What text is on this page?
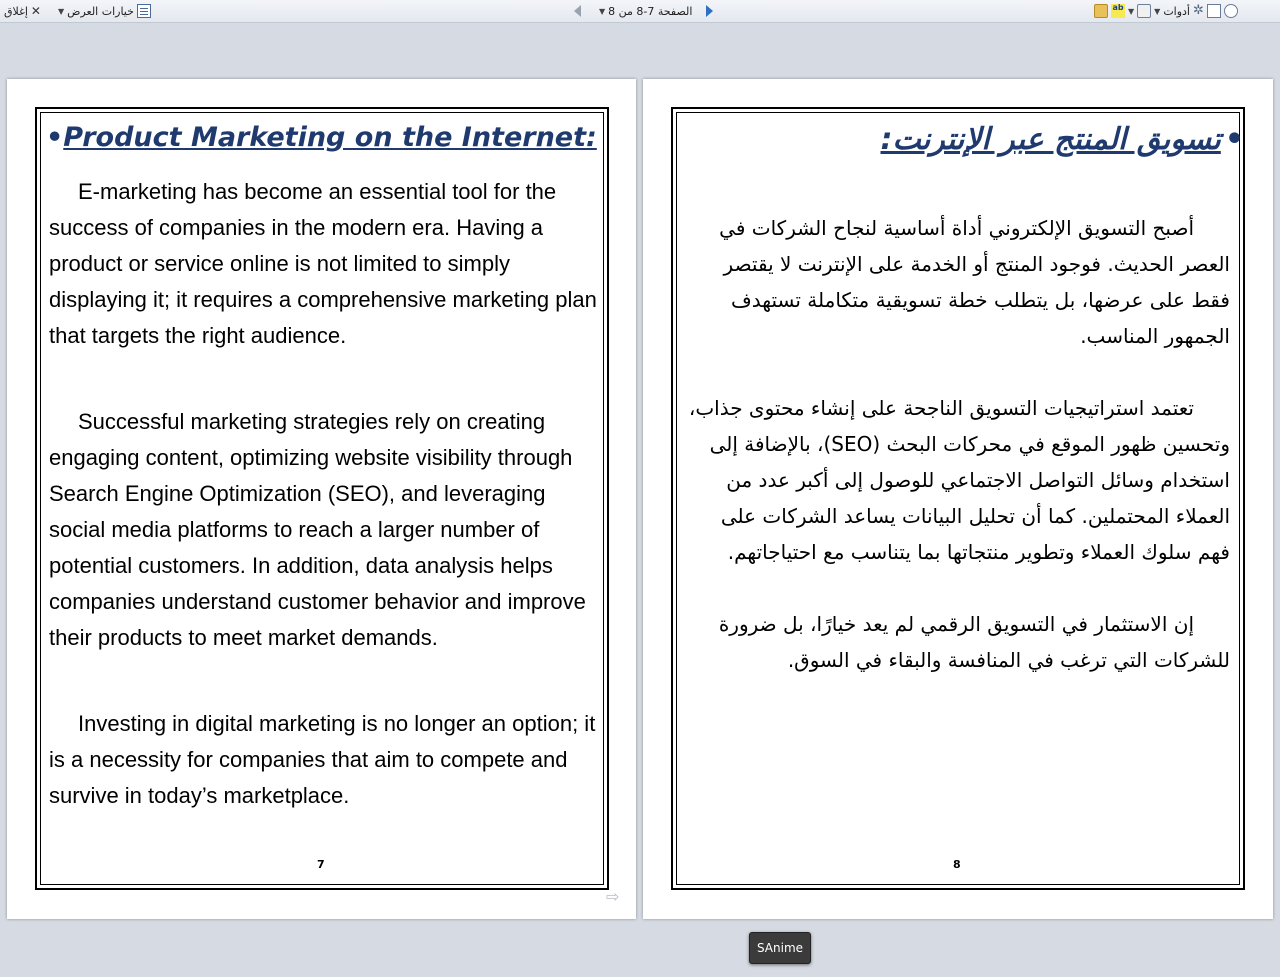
إغلاق ✕ ▼ خيارات العرض	▼ الصفحة 7-8 من 8	ab ▼	▼ أدوات ✲
•Product Marketing on the Internet:

E-marketing has become an essential tool for the success of companies in the modern era. Having a product or service online is not limited to simply displaying it; it requires a comprehensive marketing plan that targets the right audience.

Successful marketing strategies rely on creating engaging content, optimizing website visibility through Search Engine Optimization (SEO), and leveraging social media platforms to reach a larger number of potential customers. In addition, data analysis helps companies understand customer behavior and improve their products to meet market demands.

Investing in digital marketing is no longer an option; it is a necessity for companies that aim to compete and survive in today’s marketplace.

7
⇨
•تسويق المنتج عبر الإنترنت:

أصبح التسويق الإلكتروني أداة أساسية لنجاح الشركات في العصر الحديث. فوجود المنتج أو الخدمة على الإنترنت لا يقتصر فقط على عرضها، بل يتطلب خطة تسويقية متكاملة تستهدف الجمهور المناسب.

تعتمد استراتيجيات التسويق الناجحة على إنشاء محتوى جذاب، وتحسين ظهور الموقع في محركات البحث (SEO)، بالإضافة إلى استخدام وسائل التواصل الاجتماعي للوصول إلى أكبر عدد من العملاء المحتملين. كما أن تحليل البيانات يساعد الشركات على فهم سلوك العملاء وتطوير منتجاتها بما يتناسب مع احتياجاتهم.

إن الاستثمار في التسويق الرقمي لم يعد خيارًا، بل ضرورة للشركات التي ترغب في المنافسة والبقاء في السوق.

8
SAnime
